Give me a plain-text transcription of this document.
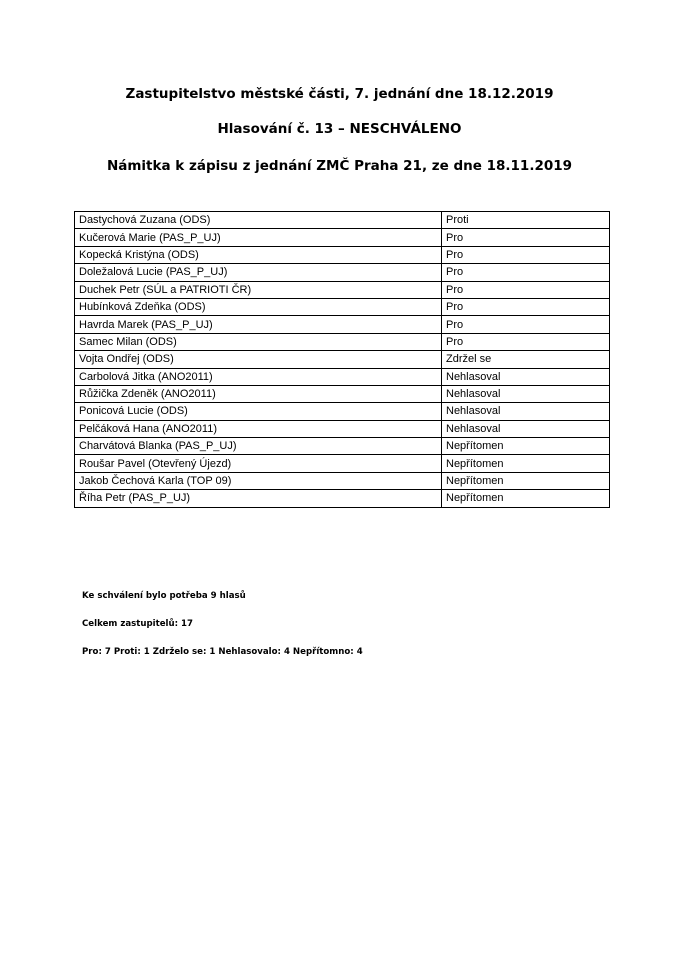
Zastupitelstvo městské části, 7. jednání dne 18.12.2019
Hlasování č. 13 – NESCHVÁLENO
Námitka k zápisu z jednání ZMČ Praha 21, ze dne 18.11.2019
Dastychová Zuzana (ODS)	Proti
Kučerová Marie (PAS_P_UJ)	Pro
Kopecká Kristýna (ODS)	Pro
Doležalová Lucie (PAS_P_UJ)	Pro
Duchek Petr (SÚL a PATRIOTI ČR)	Pro
Hubínková Zdeňka (ODS)	Pro
Havrda Marek (PAS_P_UJ)	Pro
Samec Milan (ODS)	Pro
Vojta Ondřej (ODS)	Zdržel se
Carbolová Jitka (ANO2011)	Nehlasoval
Růžička Zdeněk (ANO2011)	Nehlasoval
Ponicová Lucie (ODS)	Nehlasoval
Pelčáková Hana (ANO2011)	Nehlasoval
Charvátová Blanka (PAS_P_UJ)	Nepřítomen
Roušar Pavel (Otevřený Újezd)	Nepřítomen
Jakob Čechová Karla (TOP 09)	Nepřítomen
Říha Petr (PAS_P_UJ)	Nepřítomen
Ke schválení bylo potřeba 9 hlasů
Celkem zastupitelů: 17
Pro: 7 Proti: 1 Zdrželo se: 1 Nehlasovalo: 4 Nepřítomno: 4
